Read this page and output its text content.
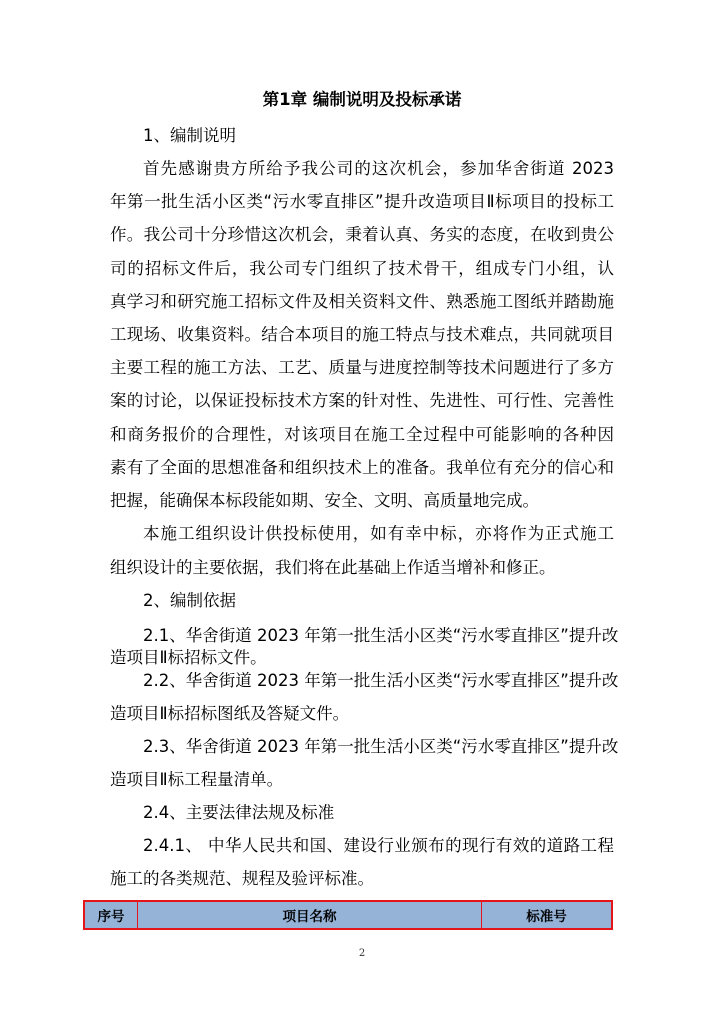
第1章 编制说明及投标承诺
1、编制说明
首先感谢贵方所给予我公司的这次机会，参加华舍街道 2023
年第一批生活小区类“污水零直排区”提升改造项目Ⅱ标项目的投标工
作。我公司十分珍惜这次机会，秉着认真、务实的态度，在收到贵公
司的招标文件后，我公司专门组织了技术骨干，组成专门小组，认
真学习和研究施工招标文件及相关资料文件、熟悉施工图纸并踏勘施
工现场、收集资料。结合本项目的施工特点与技术难点，共同就项目
主要工程的施工方法、工艺、质量与进度控制等技术问题进行了多方
案的讨论，以保证投标技术方案的针对性、先进性、可行性、完善性
和商务报价的合理性，对该项目在施工全过程中可能影响的各种因
素有了全面的思想准备和组织技术上的准备。我单位有充分的信心和
把握，能确保本标段能如期、安全、文明、高质量地完成。
本施工组织设计供投标使用，如有幸中标，亦将作为正式施工
组织设计的主要依据，我们将在此基础上作适当增补和修正。
2、编制依据
2.1、华舍街道 2023 年第一批生活小区类“污水零直排区”提升改
造项目Ⅱ标招标文件。
2.2、华舍街道 2023 年第一批生活小区类“污水零直排区”提升改
造项目Ⅱ标招标图纸及答疑文件。
2.3、华舍街道 2023 年第一批生活小区类“污水零直排区”提升改
造项目Ⅱ标工程量清单。
2.4、主要法律法规及标准
2.4.1、 中华人民共和国、建设行业颁布的现行有效的道路工程
施工的各类规范、规程及验评标准。
序号	项目名称	标准号
2
